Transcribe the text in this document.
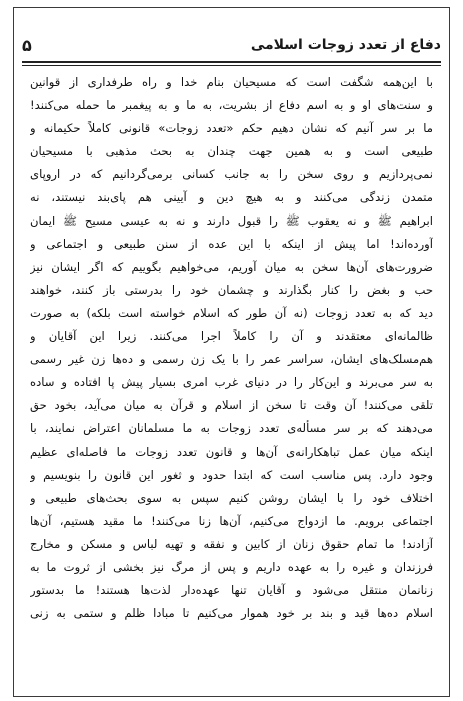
دفاع از تعدد زوجات اسلامی
۵
با این‌همه شگفت است که مسیحیان بنام خدا و راه طرفداری از قوانین
و سنت‌های او و به اسم دفاع از بشریت، به ما و به پیغمبر ما حمله می‌کنند!
ما بر سر آنیم که نشان دهیم حکم «تعدد زوجات» قانونی کاملاً حکیمانه و
طبیعی است و به همین جهت چندان به بحث مذهبی با مسیحیان
نمی‌پردازیم و روی سخن را به جانب کسانی برمی‌گردانیم که در اروپای
متمدن زندگی می‌کنند و به هیچ دین و آیینی هم پای‌بند نیستند، نه
ابراهیم ﷺ و نه یعقوب ﷺ را قبول دارند و نه به عیسی مسیح ﷺ ایمان
آورده‌اند! اما پیش از اینکه با این عده از سنن طبیعی و اجتماعی و
ضرورت‌های آن‌ها سخن به میان آوریم، می‌خواهیم بگوییم که اگر ایشان نیز
حب و بغض را کنار بگذارند و چشمان خود را بدرستی باز کنند، خواهند
دید که به تعدد زوجات (نه آن طور که اسلام خواسته است بلکه) به صورت
ظالمانه‌ای معتقدند و آن را کاملاً اجرا می‌کنند. زیرا این آقایان و
هم‌مسلک‌های ایشان، سراسر عمر را با یک زن رسمی و ده‌ها زن غیر رسمی
به سر می‌برند و این‌کار را در دنیای غرب امری بسیار پیش پا افتاده و ساده
تلقی می‌کنند! آن وقت تا سخن از اسلام و قرآن به میان می‌آید، بخود حق
می‌دهند که بر سر مسأله‌ی تعدد زوجات به ما مسلمانان اعتراض نمایند، با
اینکه میان عمل تباهکارانه‌ی آن‌ها و قانون تعدد زوجات ما فاصله‌ای عظیم
وجود دارد. پس مناسب است که ابتدا حدود و ثغور این قانون را بنویسیم و
اختلاف خود را با ایشان روشن کنیم سپس به سوی بحث‌های طبیعی و
اجتماعی برویم. ما ازدواج می‌کنیم، آن‌ها زنا می‌کنند! ما مقید هستیم، آن‌ها
آزادند! ما تمام حقوق زنان از کابین و نفقه و تهیه لباس و مسکن و مخارج
فرزندان و غیره را به عهده داریم و پس از مرگ نیز بخشی از ثروت ما به
زنانمان منتقل می‌شود و آقایان تنها عهده‌دار لذت‌ها هستند! ما بدستور
اسلام ده‌ها قید و بند بر خود هموار می‌کنیم تا مبادا ظلم و ستمی به زنی
